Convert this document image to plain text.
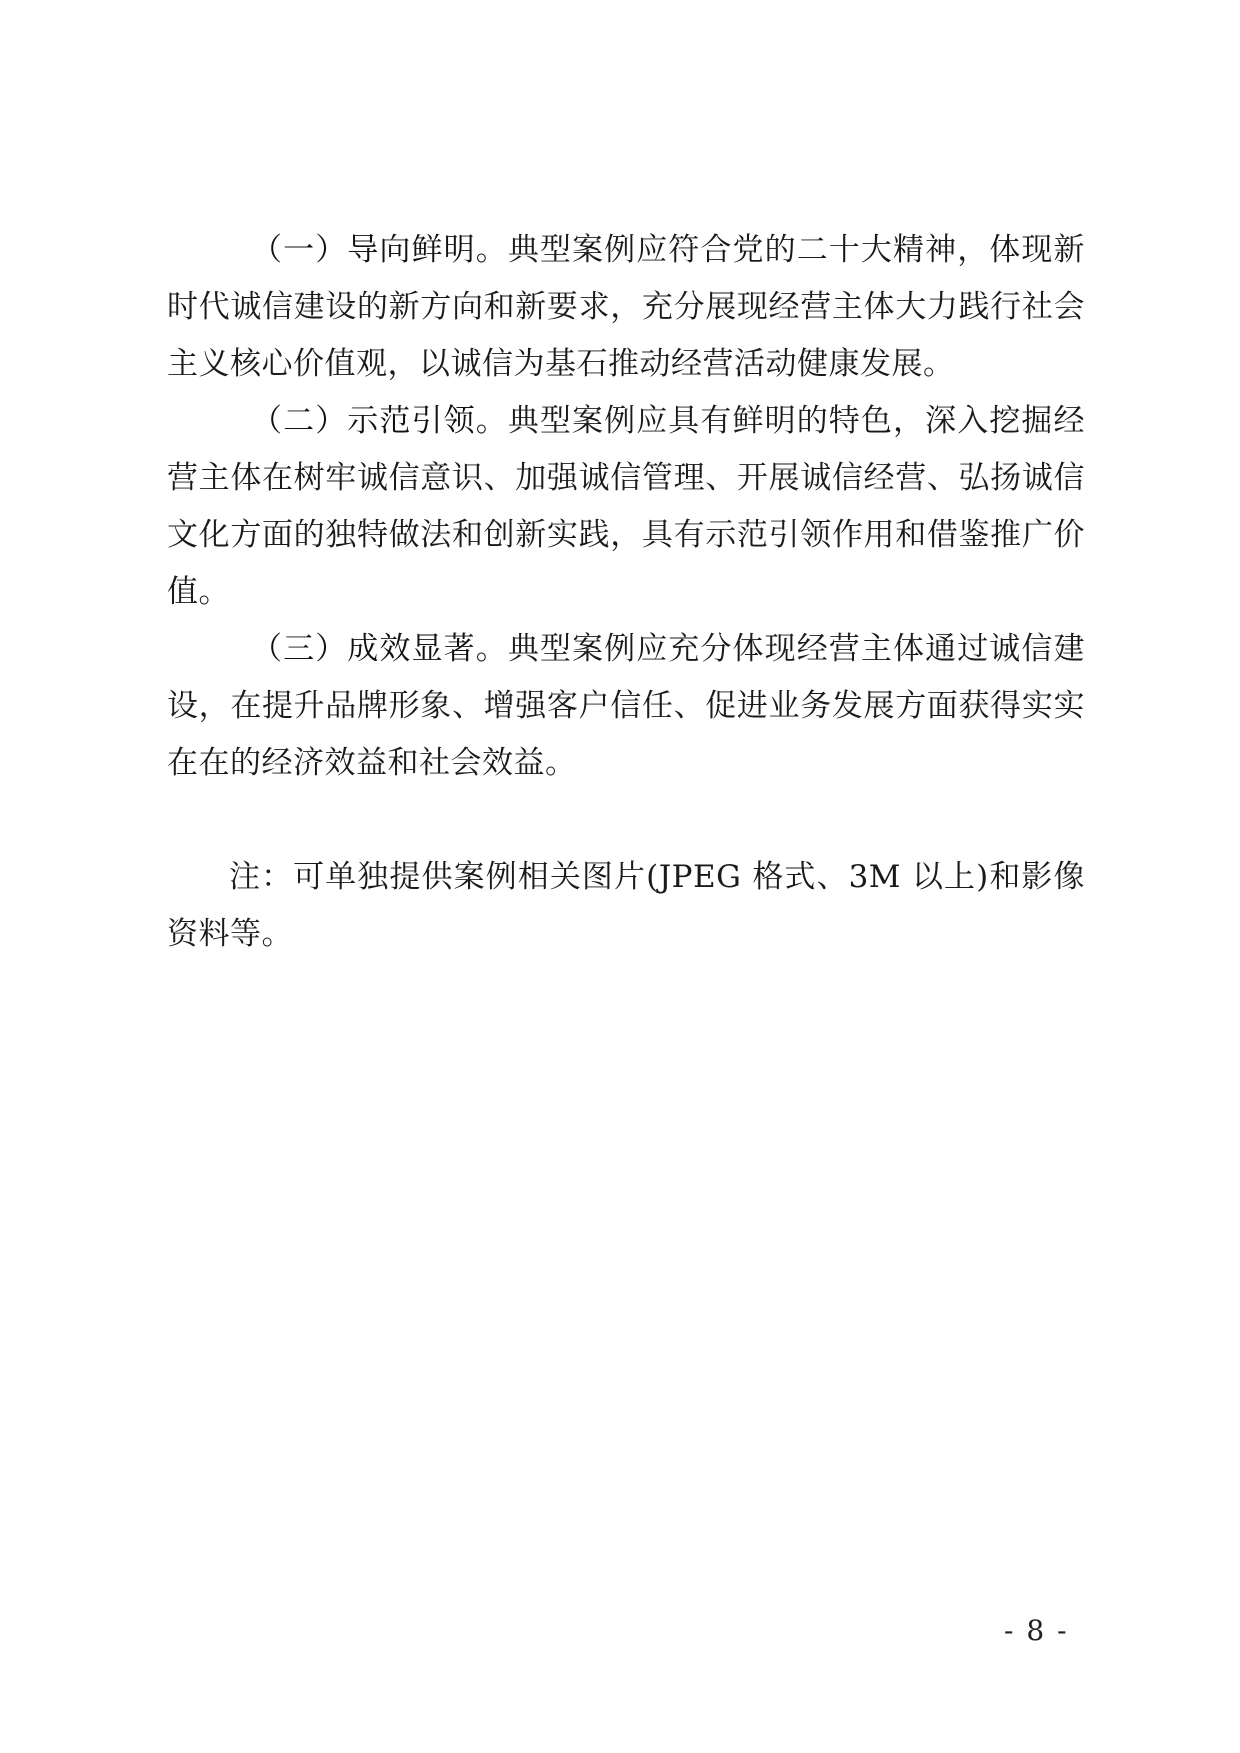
（一）导向鲜明。典型案例应符合党的二十大精神，体现新时代诚信建设的新方向和新要求，充分展现经营主体大力践行社会主义核心价值观，以诚信为基石推动经营活动健康发展。

（二）示范引领。典型案例应具有鲜明的特色，深入挖掘经营主体在树牢诚信意识、加强诚信管理、开展诚信经营、弘扬诚信文化方面的独特做法和创新实践，具有示范引领作用和借鉴推广价值。

（三）成效显著。典型案例应充分体现经营主体通过诚信建设，在提升品牌形象、增强客户信任、促进业务发展方面获得实实在在的经济效益和社会效益。

注：可单独提供案例相关图片(JPEG 格式、3M 以上)和影像资料等。

- 8 -
